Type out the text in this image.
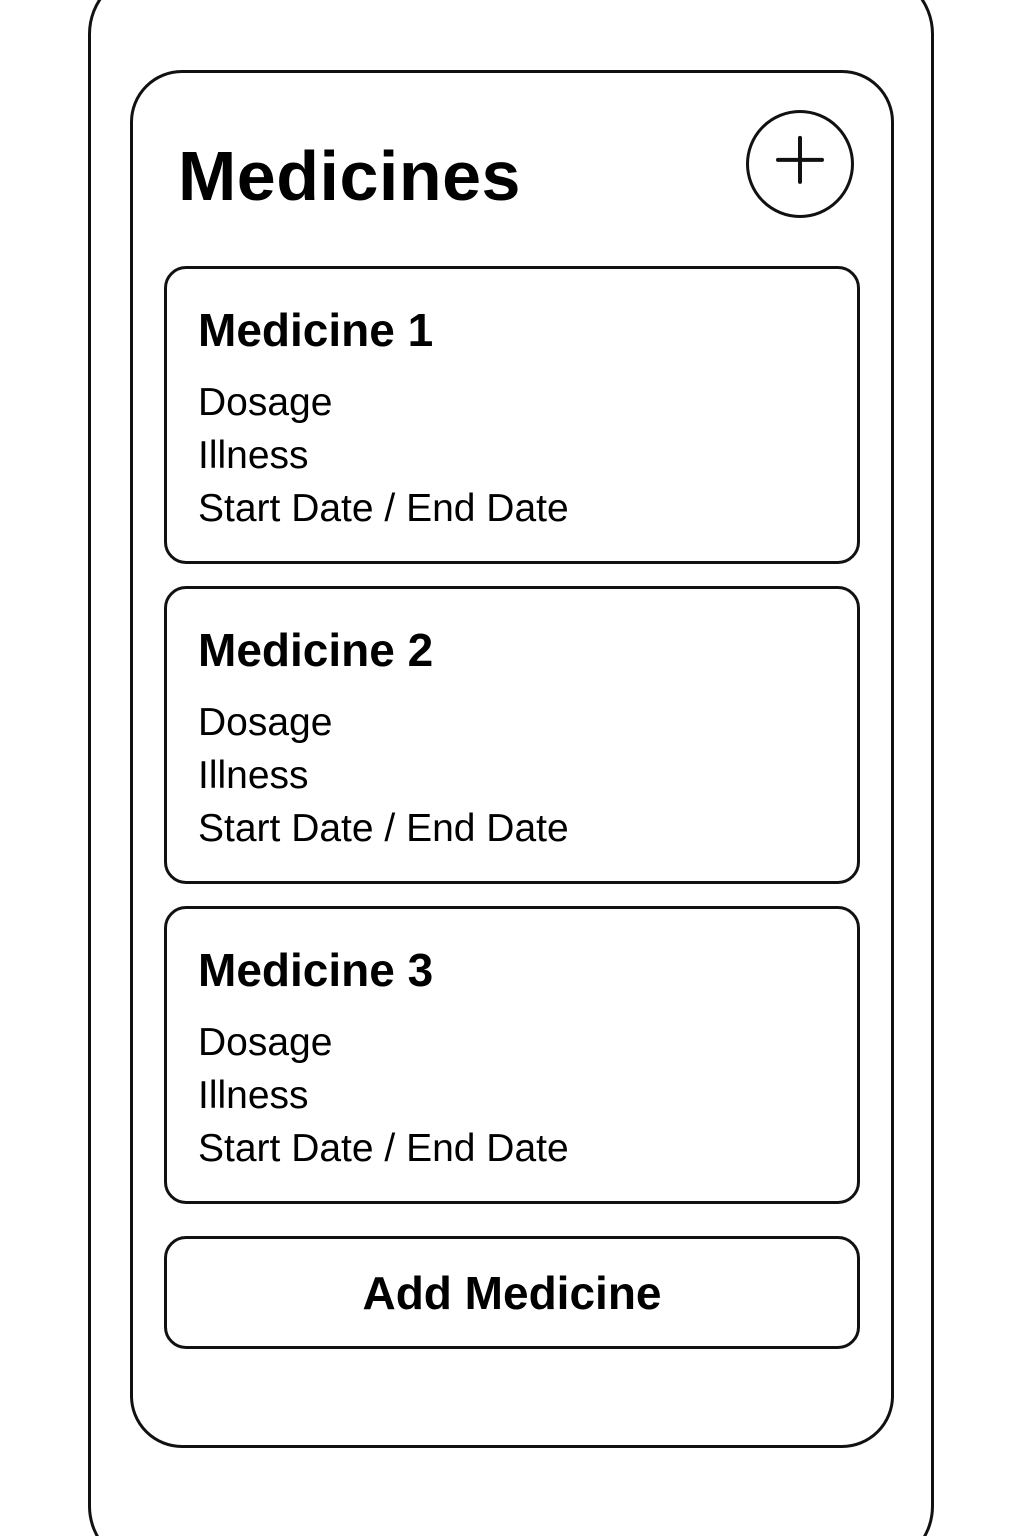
Medicines
Medicine 1
Dosage
Illness
Start Date / End Date
Medicine 2
Dosage
Illness
Start Date / End Date
Medicine 3
Dosage
Illness
Start Date / End Date
Add Medicine
